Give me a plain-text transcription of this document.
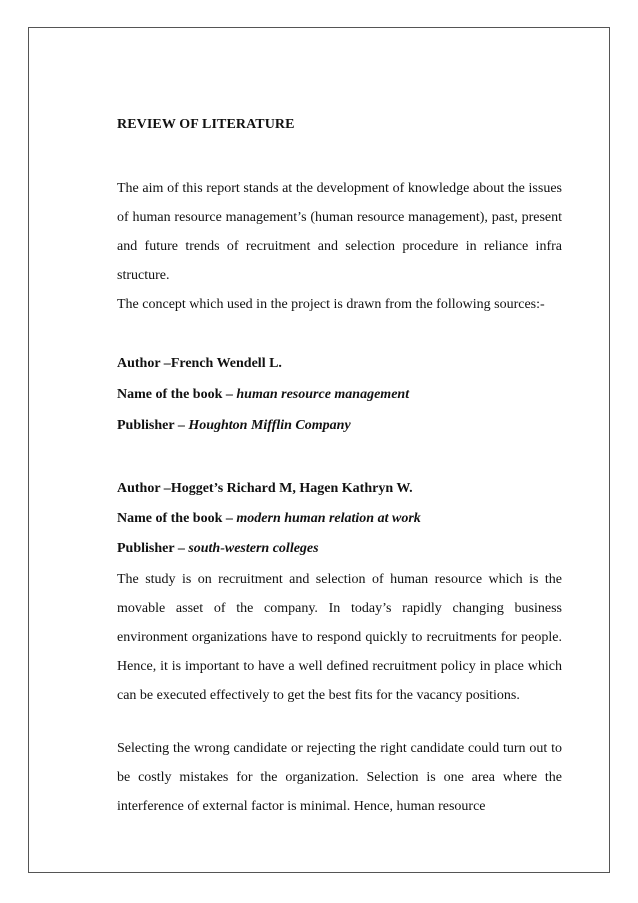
REVIEW OF LITERATURE
The aim of this report stands at the development of knowledge about the issues of human resource management’s (human resource management), past, present and future trends of recruitment and selection procedure in reliance infra structure.
The concept which used in the project is drawn from the following sources:-
Author –French Wendell L.
Name of the book – human resource management
Publisher – Houghton Mifflin Company
Author –Hogget’s Richard M, Hagen Kathryn W.
Name of the book – modern human relation at work
Publisher – south-western colleges
The study is on recruitment and selection of human resource which is the movable asset of the company. In today’s rapidly changing business environment organizations have to respond quickly to recruitments for people. Hence, it is important to have a well defined recruitment policy in place which can be executed effectively to get the best fits for the vacancy positions.
Selecting the wrong candidate or rejecting the right candidate could turn out to be costly mistakes for the organization. Selection is one area where the interference of external factor is minimal. Hence, human resource
